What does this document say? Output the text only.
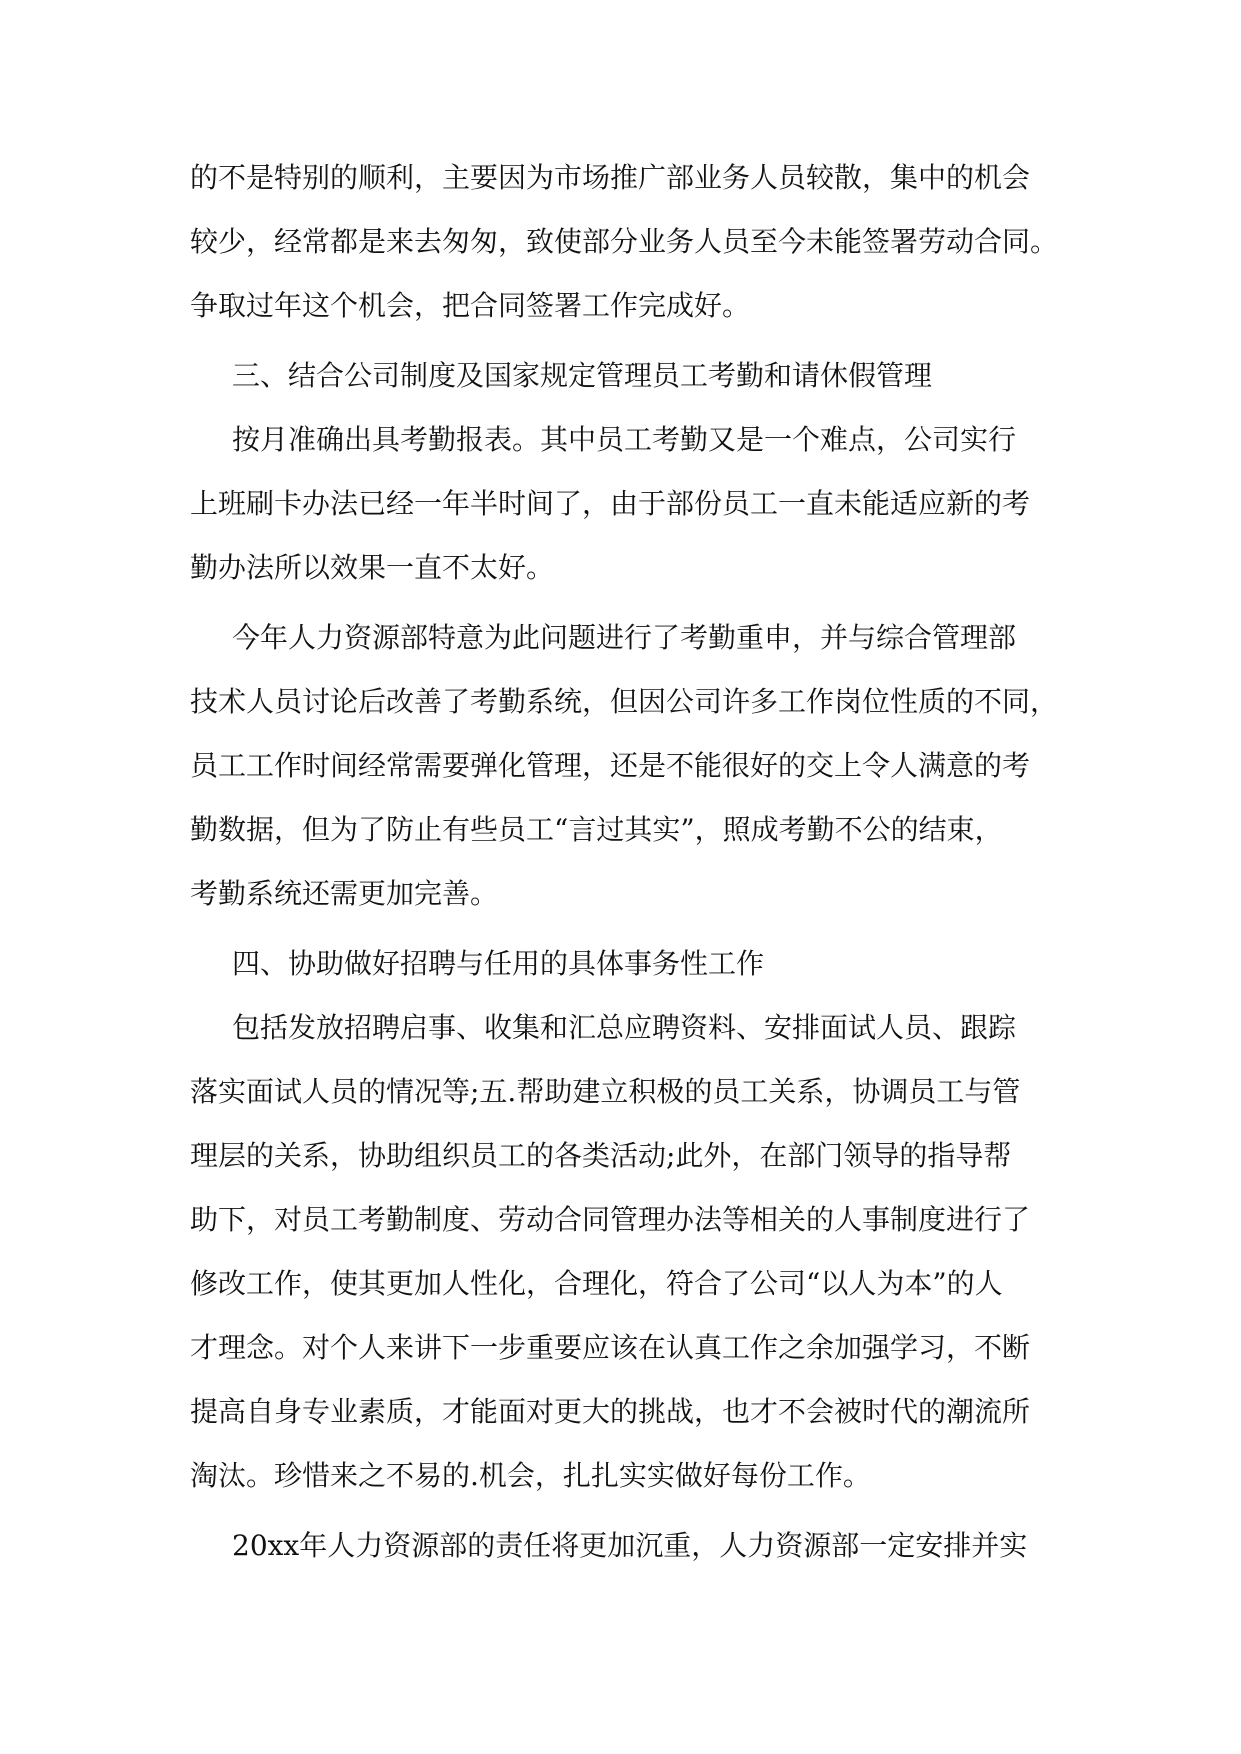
的不是特别的顺利，主要因为市场推广部业务人员较散，集中的机会
较少，经常都是来去匆匆，致使部分业务人员至今未能签署劳动合同。
争取过年这个机会，把合同签署工作完成好。
三、结合公司制度及国家规定管理员工考勤和请休假管理
按月准确出具考勤报表。其中员工考勤又是一个难点，公司实行
上班刷卡办法已经一年半时间了，由于部份员工一直未能适应新的考
勤办法所以效果一直不太好。
今年人力资源部特意为此问题进行了考勤重申，并与综合管理部
技术人员讨论后改善了考勤系统，但因公司许多工作岗位性质的不同，
员工工作时间经常需要弹化管理，还是不能很好的交上令人满意的考
勤数据，但为了防止有些员工“言过其实”，照成考勤不公的结束，
考勤系统还需更加完善。
四、协助做好招聘与任用的具体事务性工作
包括发放招聘启事、收集和汇总应聘资料、安排面试人员、跟踪
落实面试人员的情况等;五.帮助建立积极的员工关系，协调员工与管
理层的关系，协助组织员工的各类活动;此外，在部门领导的指导帮
助下，对员工考勤制度、劳动合同管理办法等相关的人事制度进行了
修改工作，使其更加人性化，合理化，符合了公司“以人为本”的人
才理念。对个人来讲下一步重要应该在认真工作之余加强学习，不断
提高自身专业素质，才能面对更大的挑战，也才不会被时代的潮流所
淘汰。珍惜来之不易的.机会，扎扎实实做好每份工作。
20xx年人力资源部的责任将更加沉重，人力资源部一定安排并实
